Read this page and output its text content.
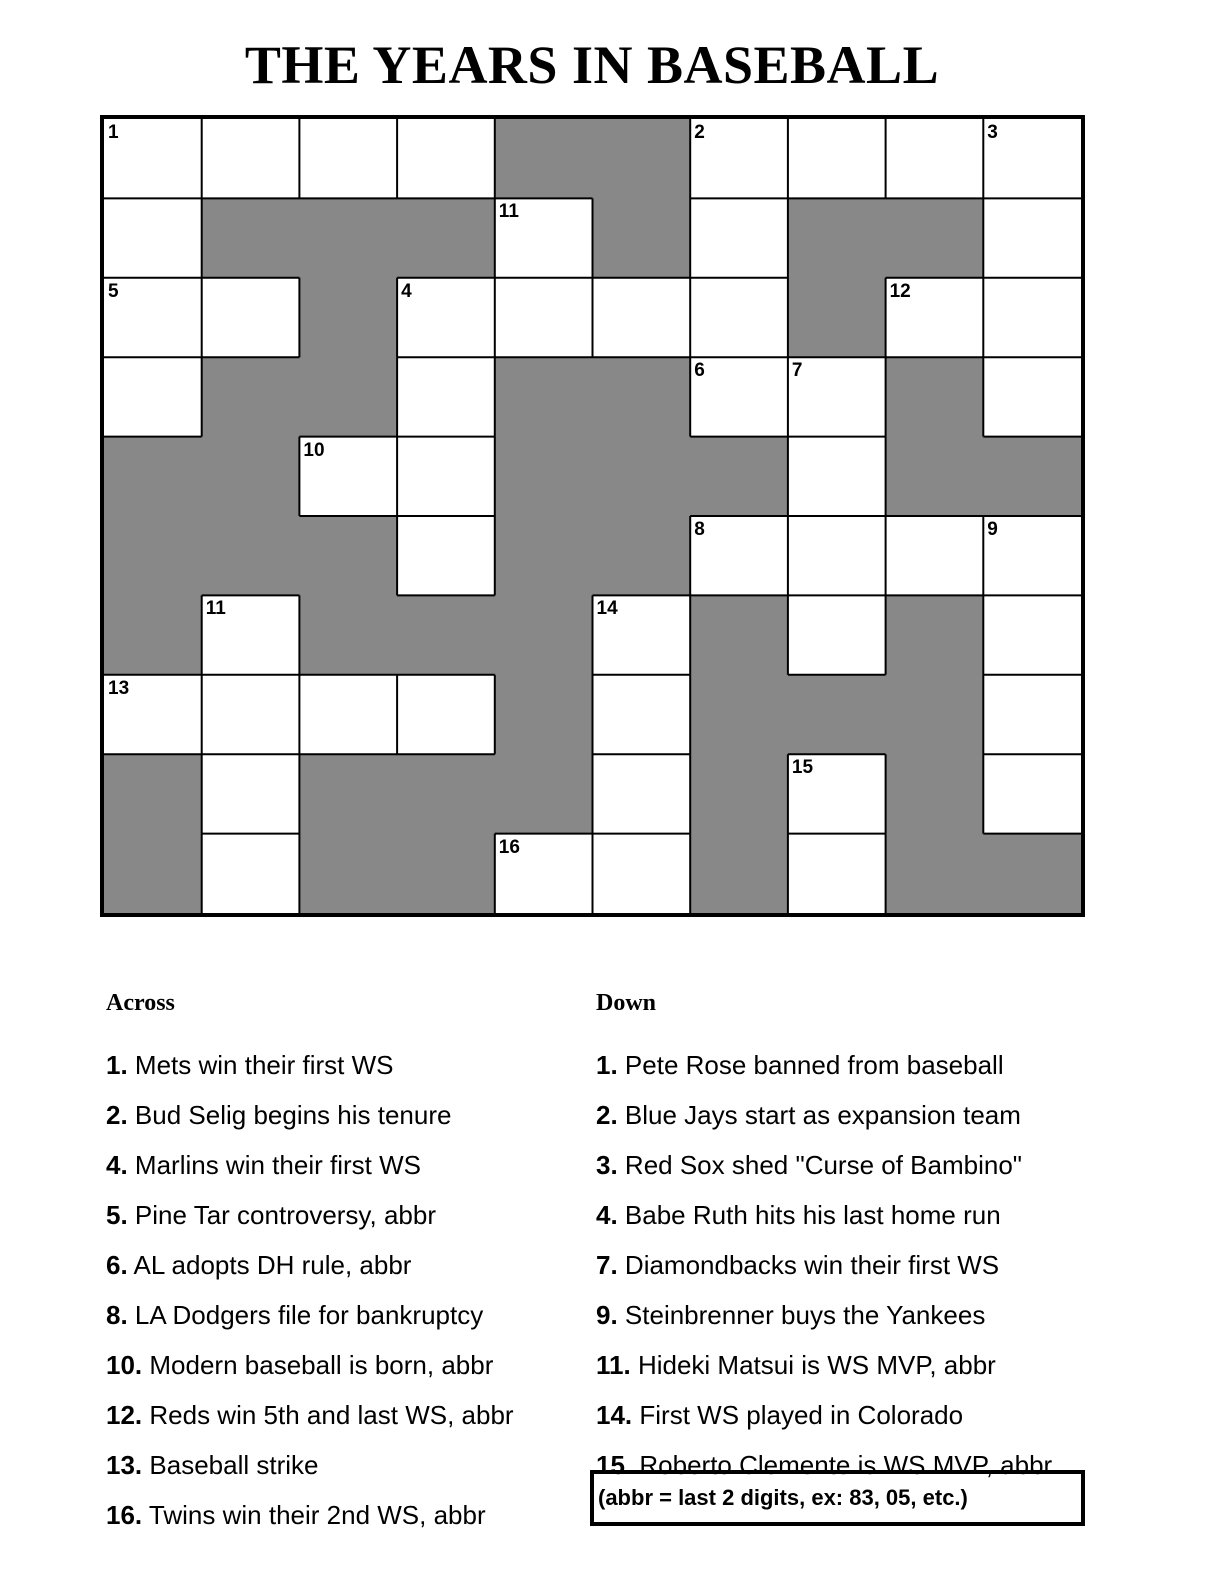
THE YEARS IN BASEBALL
1	2	3
11
5	4	12
6	7
10
8	9
11	14
13
15
16
Across
1. Mets win their first WS
2. Bud Selig begins his tenure
4. Marlins win their first WS
5. Pine Tar controversy, abbr
6. AL adopts DH rule, abbr
8. LA Dodgers file for bankruptcy
10. Modern baseball is born, abbr
12. Reds win 5th and last WS, abbr
13. Baseball strike
16. Twins win their 2nd WS, abbr
Down
1. Pete Rose banned from baseball
2. Blue Jays start as expansion team
3. Red Sox shed "Curse of Bambino"
4. Babe Ruth hits his last home run
7. Diamondbacks win their first WS
9. Steinbrenner buys the Yankees
11. Hideki Matsui is WS MVP, abbr
14. First WS played in Colorado
15. Roberto Clemente is WS MVP, abbr
(abbr = last 2 digits, ex: 83, 05, etc.)
